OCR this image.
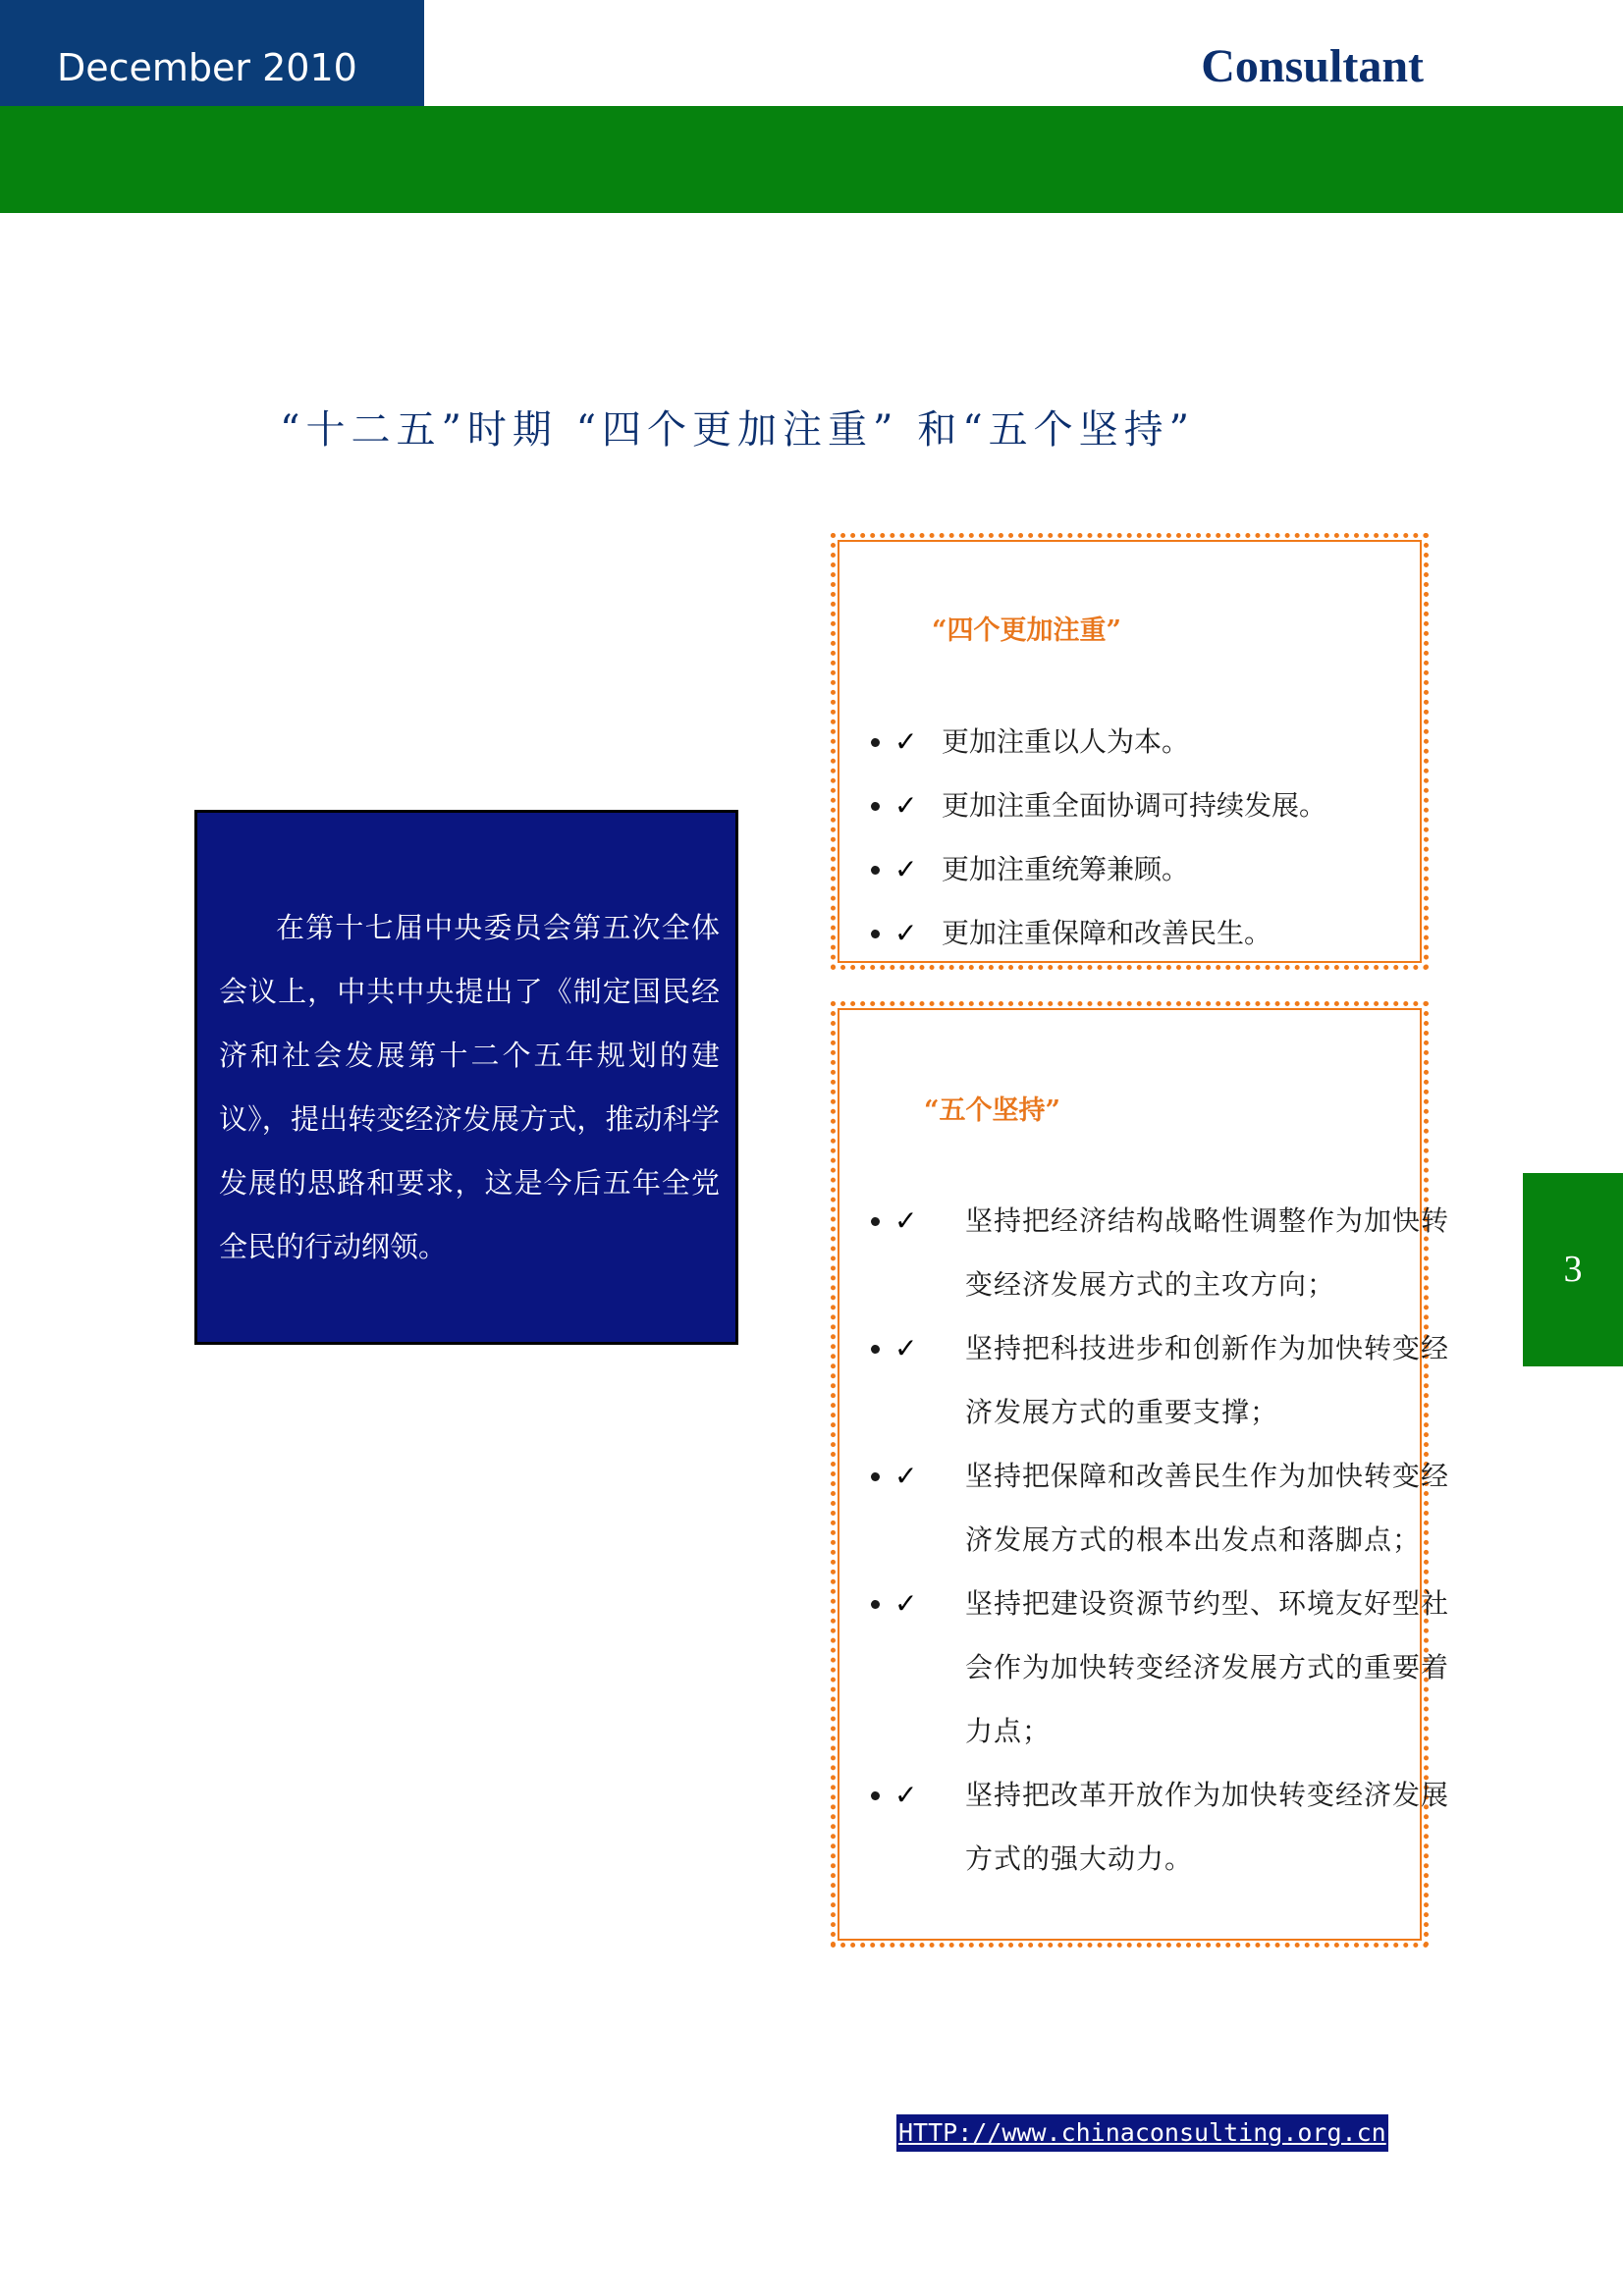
December 2010	Consultant
“十二五”时期 “四个更加注重” 和“五个坚持”
在第十七届中央委员会第五次全体会议上，中共中央提出了《制定国民经济和社会发展第十二个五年规划的建议》，提出转变经济发展方式，推动科学发展的思路和要求，这是今后五年全党全民的行动纲领。
“四个更加注重”
• ✓ 更加注重以人为本。
• ✓ 更加注重全面协调可持续发展。
• ✓ 更加注重统筹兼顾。
• ✓ 更加注重保障和改善民生。
“五个坚持”
• ✓ 坚持把经济结构战略性调整作为加快转变经济发展方式的主攻方向；
• ✓ 坚持把科技进步和创新作为加快转变经济发展方式的重要支撑；
• ✓ 坚持把保障和改善民生作为加快转变经济发展方式的根本出发点和落脚点；
• ✓ 坚持把建设资源节约型、环境友好型社会作为加快转变经济发展方式的重要着力点；
• ✓ 坚持把改革开放作为加快转变经济发展方式的强大动力。
3
HTTP://www.chinaconsulting.org.cn
